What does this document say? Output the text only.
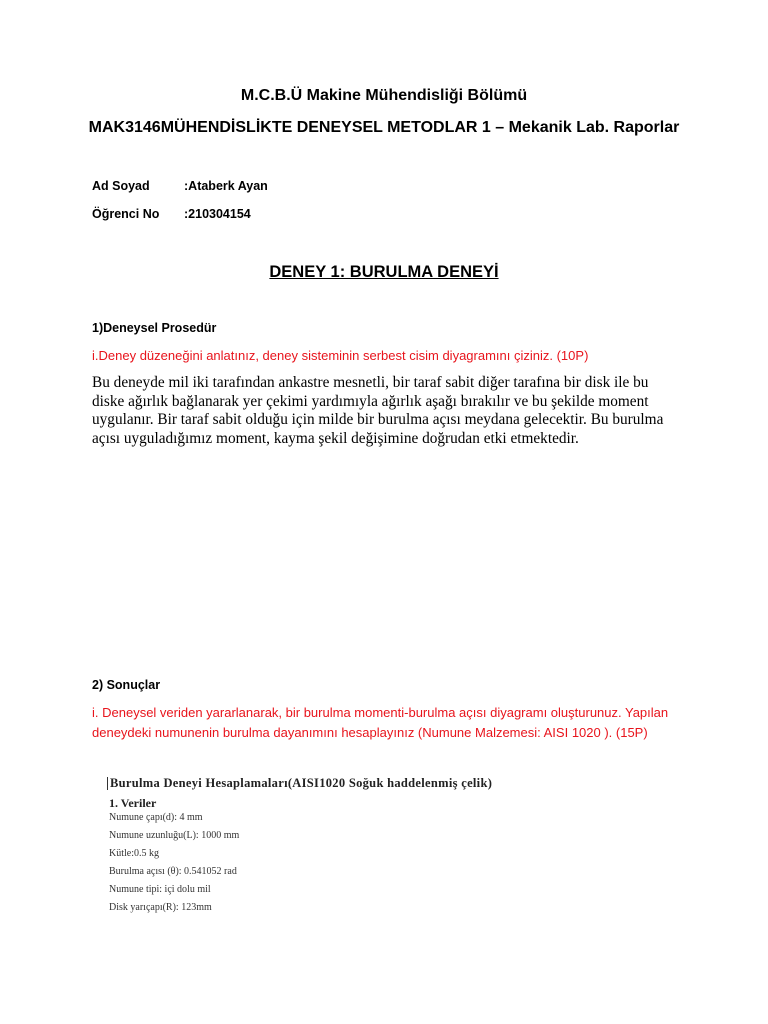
M.C.B.Ü Makine Mühendisliği Bölümü
MAK3146MÜHENDİSLİKTE DENEYSEL METODLAR 1 – Mekanik Lab. Raporlar
Ad Soyad	:Ataberk Ayan
Öğrenci No :210304154
DENEY 1: BURULMA DENEYİ
1)Deneysel Prosedür
i.Deney düzeneğini anlatınız, deney sisteminin serbest cisim diyagramını çiziniz. (10P)
Bu deneyde mil iki tarafından ankastre mesnetli, bir taraf sabit diğer tarafına bir disk ile bu
diske ağırlık bağlanarak yer çekimi yardımıyla ağırlık aşağı bırakılır ve bu şekilde moment
uygulanır. Bir taraf sabit olduğu için milde bir burulma açısı meydana gelecektir. Bu burulma
açısı uyguladığımız moment, kayma şekil değişimine doğrudan etki etmektedir.
2) Sonuçlar
i. Deneysel veriden yararlanarak, bir burulma momenti-burulma açısı diyagramı oluşturunuz. Yapılan
deneydeki numunenin burulma dayanımını hesaplayınız (Numune Malzemesi: AISI 1020 ). (15P)
Burulma Deneyi Hesaplamaları(AISI1020 Soğuk haddelenmiş çelik)
1. Veriler
Numune çapı(d): 4 mm
Numune uzunluğu(L): 1000 mm
Kütle:0.5 kg
Burulma açısı (θ): 0.541052 rad
Numune tipi: içi dolu mil
Disk yarıçapı(R): 123mm
